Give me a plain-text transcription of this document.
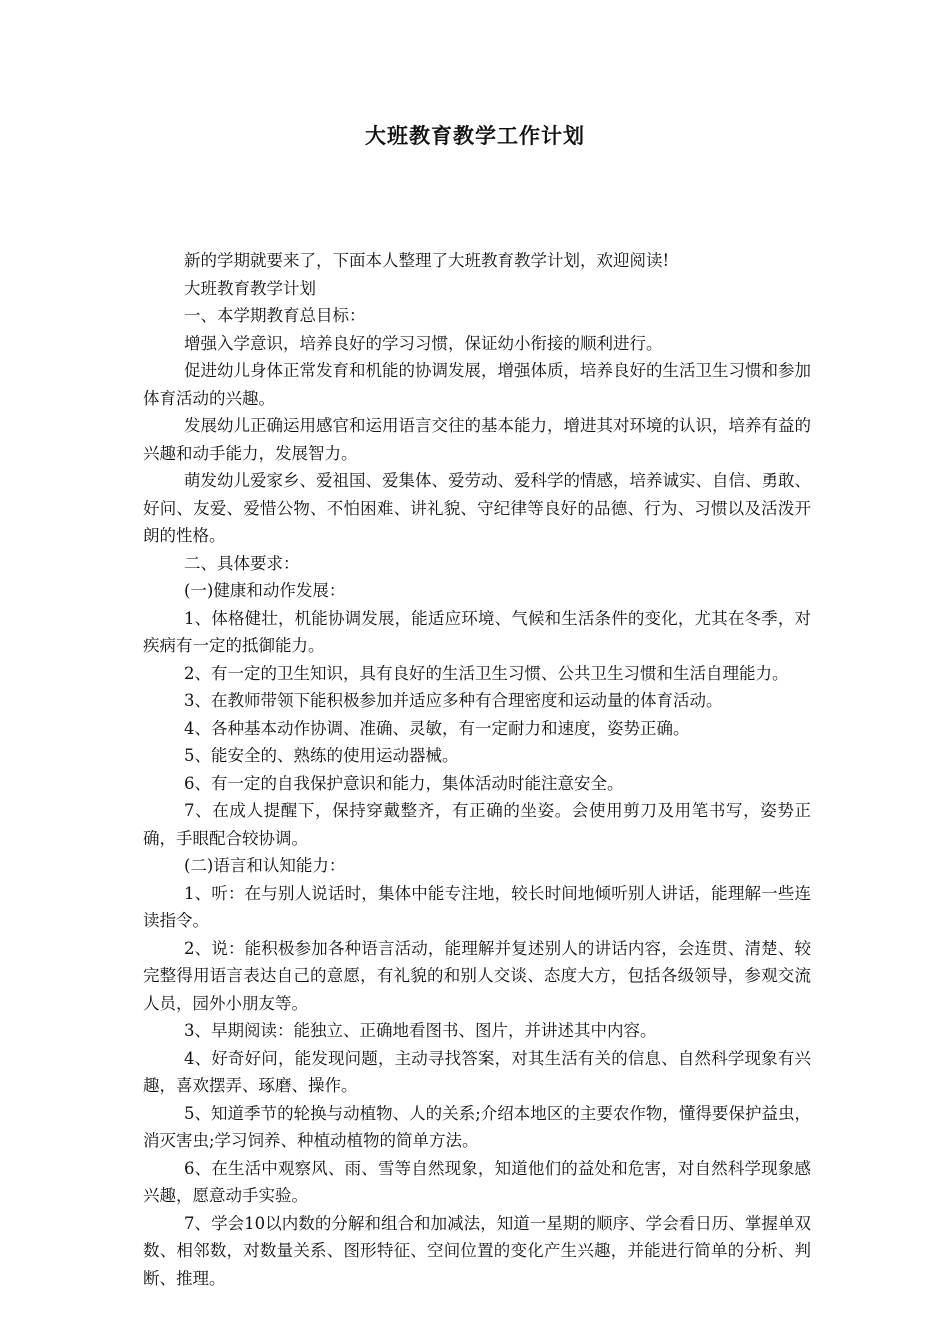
大班教育教学工作计划

新的学期就要来了，下面本人整理了大班教育教学计划，欢迎阅读!

大班教育教学计划

一、本学期教育总目标：

增强入学意识，培养良好的学习习惯，保证幼小衔接的顺利进行。

促进幼儿身体正常发育和机能的协调发展，增强体质，培养良好的生活卫生习惯和参加体育活动的兴趣。

发展幼儿正确运用感官和运用语言交往的基本能力，增进其对环境的认识，培养有益的兴趣和动手能力，发展智力。

萌发幼儿爱家乡、爱祖国、爱集体、爱劳动、爱科学的情感，培养诚实、自信、勇敢、好问、友爱、爱惜公物、不怕困难、讲礼貌、守纪律等良好的品德、行为、习惯以及活泼开朗的性格。

二、具体要求：

(一)健康和动作发展：

1、体格健壮，机能协调发展，能适应环境、气候和生活条件的变化，尤其在冬季，对疾病有一定的抵御能力。

2、有一定的卫生知识，具有良好的生活卫生习惯、公共卫生习惯和生活自理能力。

3、在教师带领下能积极参加并适应多种有合理密度和运动量的体育活动。

4、各种基本动作协调、准确、灵敏，有一定耐力和速度，姿势正确。

5、能安全的、熟练的使用运动器械。

6、有一定的自我保护意识和能力，集体活动时能注意安全。

7、在成人提醒下，保持穿戴整齐，有正确的坐姿。会使用剪刀及用笔书写，姿势正确，手眼配合较协调。

(二)语言和认知能力：

1、听：在与别人说话时，集体中能专注地，较长时间地倾听别人讲话，能理解一些连读指令。

2、说：能积极参加各种语言活动，能理解并复述别人的讲话内容，会连贯、清楚、较完整得用语言表达自己的意愿，有礼貌的和别人交谈、态度大方，包括各级领导，参观交流人员，园外小朋友等。

3、早期阅读：能独立、正确地看图书、图片，并讲述其中内容。

4、好奇好问，能发现问题，主动寻找答案，对其生活有关的信息、自然科学现象有兴趣，喜欢摆弄、琢磨、操作。

5、知道季节的轮换与动植物、人的关系;介绍本地区的主要农作物，懂得要保护益虫，消灭害虫;学习饲养、种植动植物的简单方法。

6、在生活中观察风、雨、雪等自然现象，知道他们的益处和危害，对自然科学现象感兴趣，愿意动手实验。

7、学会10以内数的分解和组合和加减法，知道一星期的顺序、学会看日历、掌握单双数、相邻数，对数量关系、图形特征、空间位置的变化产生兴趣，并能进行简单的分析、判断、推理。
